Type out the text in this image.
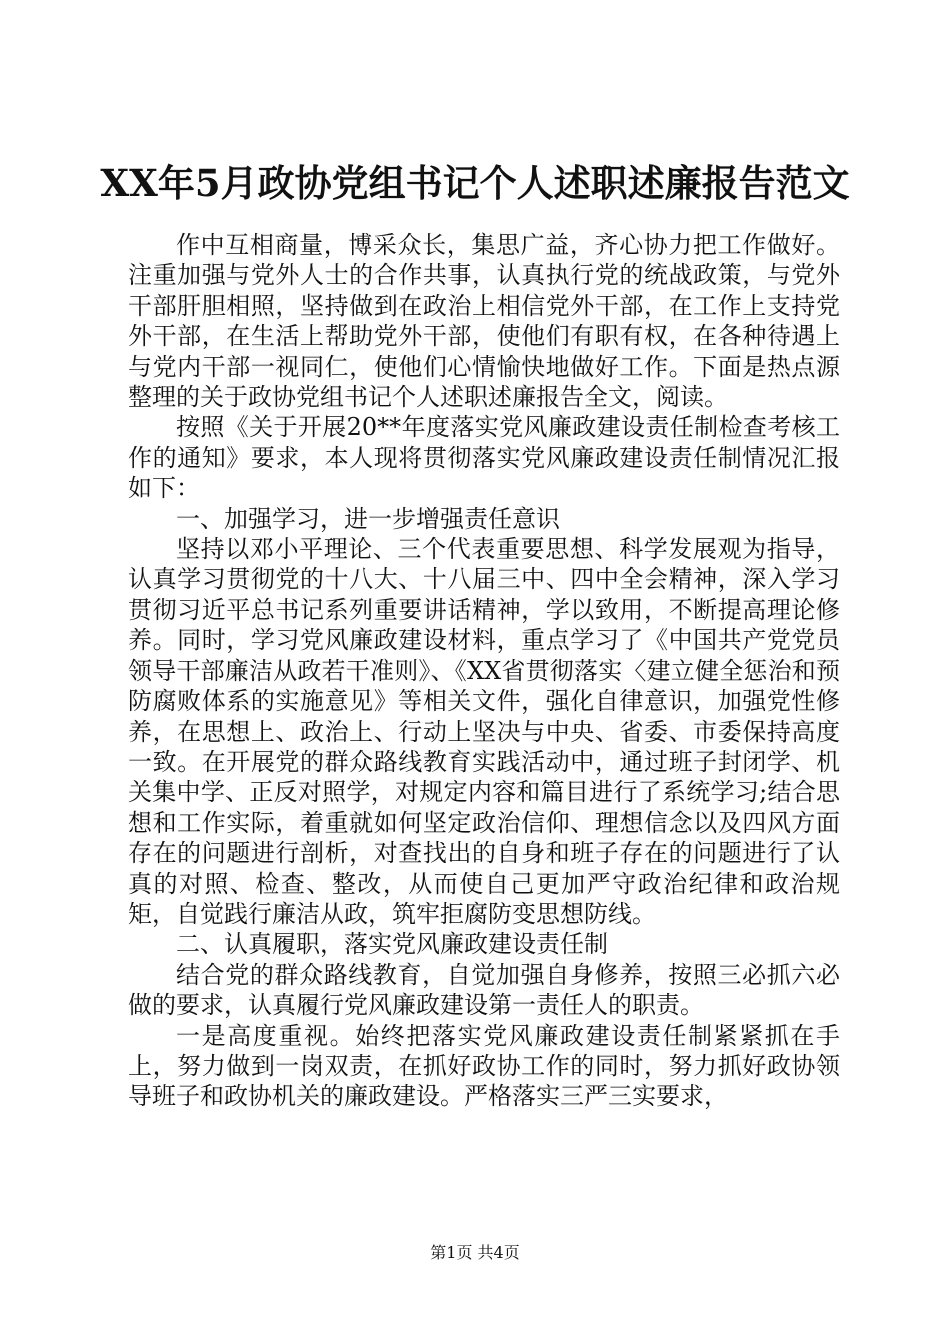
XX年5月政协党组书记个人述职述廉报告范文

作中互相商量，博采众长，集思广益，齐心协力把工作做好。注重加强与党外人士的合作共事，认真执行党的统战政策，与党外干部肝胆相照，坚持做到在政治上相信党外干部，在工作上支持党外干部，在生活上帮助党外干部，使他们有职有权，在各种待遇上与党内干部一视同仁，使他们心情愉快地做好工作。下面是热点源整理的关于政协党组书记个人述职述廉报告全文，阅读。

按照《关于开展20**年度落实党风廉政建设责任制检查考核工作的通知》要求，本人现将贯彻落实党风廉政建设责任制情况汇报如下：

一、加强学习，进一步增强责任意识

坚持以邓小平理论、三个代表重要思想、科学发展观为指导，认真学习贯彻党的十八大、十八届三中、四中全会精神，深入学习贯彻习近平总书记系列重要讲话精神，学以致用，不断提高理论修养。同时，学习党风廉政建设材料，重点学习了《中国共产党党员领导干部廉洁从政若干准则》、《XX省贯彻落实〈建立健全惩治和预防腐败体系的实施意见》等相关文件，强化自律意识，加强党性修养，在思想上、政治上、行动上坚决与中央、省委、市委保持高度一致。在开展党的群众路线教育实践活动中，通过班子封闭学、机关集中学、正反对照学，对规定内容和篇目进行了系统学习;结合思想和工作实际，着重就如何坚定政治信仰、理想信念以及四风方面存在的问题进行剖析，对查找出的自身和班子存在的问题进行了认真的对照、检查、整改，从而使自己更加严守政治纪律和政治规矩，自觉践行廉洁从政，筑牢拒腐防变思想防线。

二、认真履职，落实党风廉政建设责任制

结合党的群众路线教育，自觉加强自身修养，按照三必抓六必做的要求，认真履行党风廉政建设第一责任人的职责。

一是高度重视。始终把落实党风廉政建设责任制紧紧抓在手上，努力做到一岗双责，在抓好政协工作的同时，努力抓好政协领导班子和政协机关的廉政建设。严格落实三严三实要求，

第1页 共4页
